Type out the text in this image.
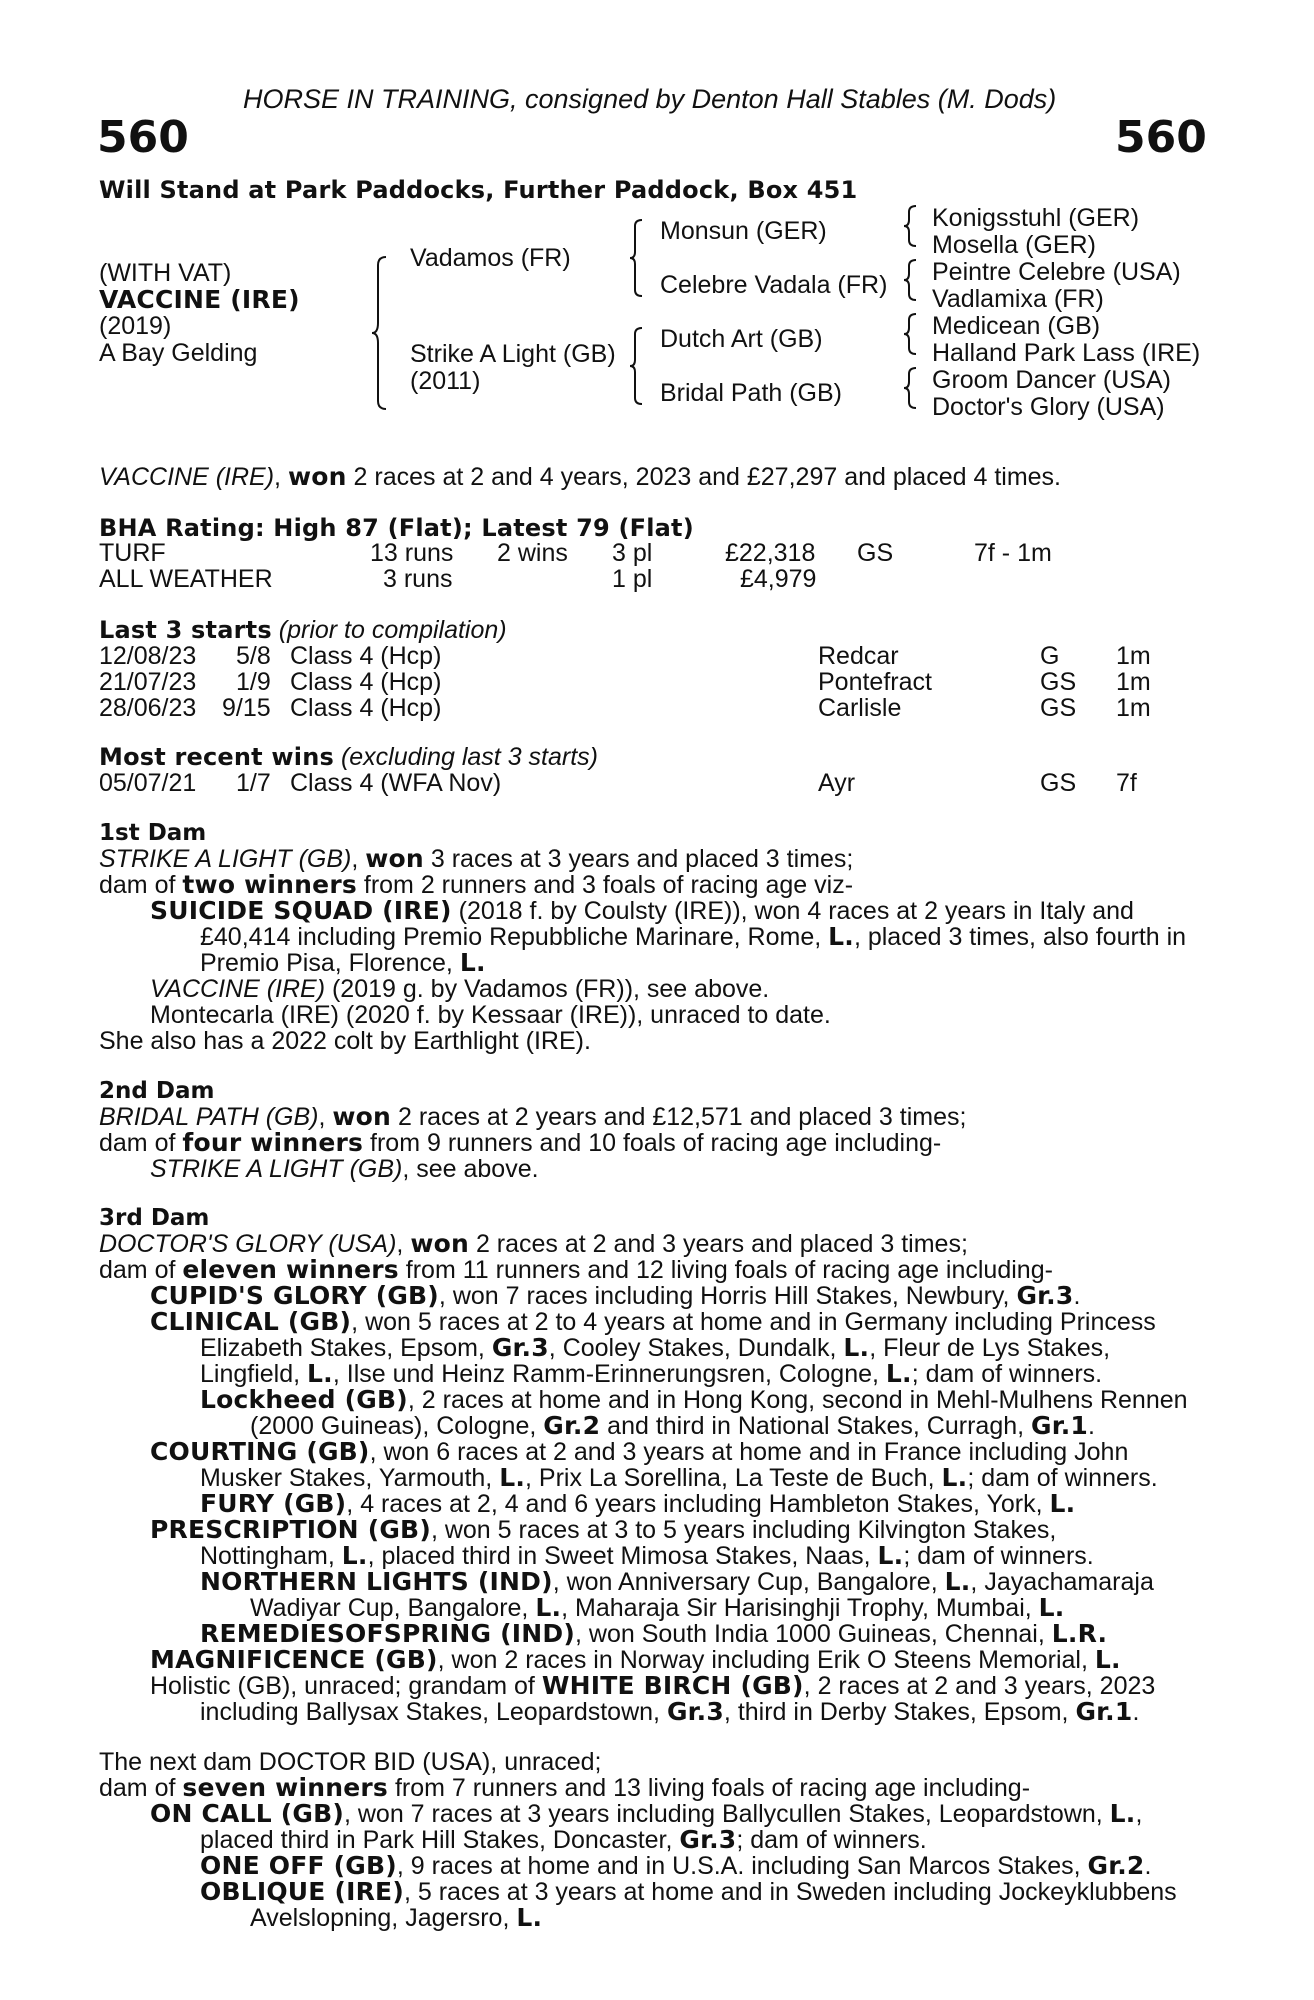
HORSE IN TRAINING, consigned by Denton Hall Stables (M. Dods)
560	560
Will Stand at Park Paddocks, Further Paddock, Box 451
(WITH VAT)
VACCINE (IRE)
(2019)
A Bay Gelding
Vadamos (FR)
Strike A Light (GB)
(2011)
Monsun (GER)
Celebre Vadala (FR)
Dutch Art (GB)
Bridal Path (GB)
Konigsstuhl (GER)
Mosella (GER)
Peintre Celebre (USA)
Vadlamixa (FR)
Medicean (GB)
Halland Park Lass (IRE)
Groom Dancer (USA)
Doctor's Glory (USA)
VACCINE (IRE), won 2 races at 2 and 4 years, 2023 and £27,297 and placed 4 times.
BHA Rating: High 87 (Flat); Latest 79 (Flat)
TURF	13 runs 2 wins 3 pl	£22,318 GS	7f - 1m
ALL WEATHER	3 runs	1 pl	£4,979
Last 3 starts (prior to compilation)
12/08/23 5/8 Class 4 (Hcp)	Redcar	G 1m
21/07/23 1/9 Class 4 (Hcp)	Pontefract	GS 1m
28/06/23 9/15 Class 4 (Hcp)	Carlisle	GS 1m
Most recent wins (excluding last 3 starts)
05/07/21 1/7 Class 4 (WFA Nov)	Ayr	GS 7f
1st Dam
STRIKE A LIGHT (GB), won 3 races at 3 years and placed 3 times;
dam of two winners from 2 runners and 3 foals of racing age viz-
SUICIDE SQUAD (IRE) (2018 f. by Coulsty (IRE)), won 4 races at 2 years in Italy and
£40,414 including Premio Repubbliche Marinare, Rome, L., placed 3 times, also fourth in
Premio Pisa, Florence, L.
VACCINE (IRE) (2019 g. by Vadamos (FR)), see above.
Montecarla (IRE) (2020 f. by Kessaar (IRE)), unraced to date.
She also has a 2022 colt by Earthlight (IRE).
2nd Dam
BRIDAL PATH (GB), won 2 races at 2 years and £12,571 and placed 3 times;
dam of four winners from 9 runners and 10 foals of racing age including-
STRIKE A LIGHT (GB), see above.
3rd Dam
DOCTOR'S GLORY (USA), won 2 races at 2 and 3 years and placed 3 times;
dam of eleven winners from 11 runners and 12 living foals of racing age including-
CUPID'S GLORY (GB), won 7 races including Horris Hill Stakes, Newbury, Gr.3.
CLINICAL (GB), won 5 races at 2 to 4 years at home and in Germany including Princess
Elizabeth Stakes, Epsom, Gr.3, Cooley Stakes, Dundalk, L., Fleur de Lys Stakes,
Lingfield, L., Ilse und Heinz Ramm-Erinnerungsren, Cologne, L.; dam of winners.
Lockheed (GB), 2 races at home and in Hong Kong, second in Mehl-Mulhens Rennen
(2000 Guineas), Cologne, Gr.2 and third in National Stakes, Curragh, Gr.1.
COURTING (GB), won 6 races at 2 and 3 years at home and in France including John
Musker Stakes, Yarmouth, L., Prix La Sorellina, La Teste de Buch, L.; dam of winners.
FURY (GB), 4 races at 2, 4 and 6 years including Hambleton Stakes, York, L.
PRESCRIPTION (GB), won 5 races at 3 to 5 years including Kilvington Stakes,
Nottingham, L., placed third in Sweet Mimosa Stakes, Naas, L.; dam of winners.
NORTHERN LIGHTS (IND), won Anniversary Cup, Bangalore, L., Jayachamaraja
Wadiyar Cup, Bangalore, L., Maharaja Sir Harisinghji Trophy, Mumbai, L.
REMEDIESOFSPRING (IND), won South India 1000 Guineas, Chennai, L.R.
MAGNIFICENCE (GB), won 2 races in Norway including Erik O Steens Memorial, L.
Holistic (GB), unraced; grandam of WHITE BIRCH (GB), 2 races at 2 and 3 years, 2023
including Ballysax Stakes, Leopardstown, Gr.3, third in Derby Stakes, Epsom, Gr.1.
The next dam DOCTOR BID (USA), unraced;
dam of seven winners from 7 runners and 13 living foals of racing age including-
ON CALL (GB), won 7 races at 3 years including Ballycullen Stakes, Leopardstown, L.,
placed third in Park Hill Stakes, Doncaster, Gr.3; dam of winners.
ONE OFF (GB), 9 races at home and in U.S.A. including San Marcos Stakes, Gr.2.
OBLIQUE (IRE), 5 races at 3 years at home and in Sweden including Jockeyklubbens
Avelslopning, Jagersro, L.
